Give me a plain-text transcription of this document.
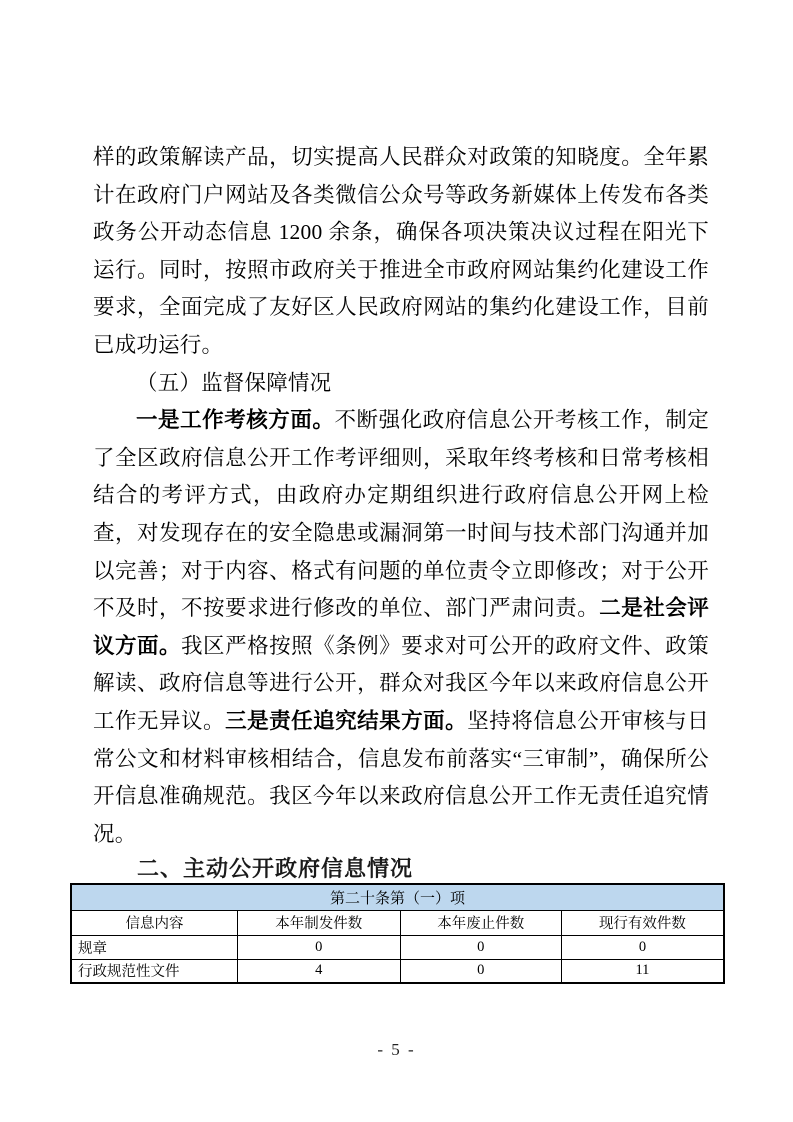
样的政策解读产品，切实提高人民群众对政策的知晓度。全年累计在政府门户网站及各类微信公众号等政务新媒体上传发布各类政务公开动态信息 1200 余条，确保各项决策决议过程在阳光下运行。同时，按照市政府关于推进全市政府网站集约化建设工作要求，全面完成了友好区人民政府网站的集约化建设工作，目前已成功运行。

（五）监督保障情况

一是工作考核方面。不断强化政府信息公开考核工作，制定了全区政府信息公开工作考评细则，采取年终考核和日常考核相结合的考评方式，由政府办定期组织进行政府信息公开网上检查，对发现存在的安全隐患或漏洞第一时间与技术部门沟通并加以完善；对于内容、格式有问题的单位责令立即修改；对于公开不及时，不按要求进行修改的单位、部门严肃问责。二是社会评议方面。我区严格按照《条例》要求对可公开的政府文件、政策解读、政府信息等进行公开，群众对我区今年以来政府信息公开工作无异议。三是责任追究结果方面。坚持将信息公开审核与日常公文和材料审核相结合，信息发布前落实“三审制”，确保所公开信息准确规范。我区今年以来政府信息公开工作无责任追究情况。

二、主动公开政府信息情况
第二十条第（一）项			
信息内容	本年制发件数	本年废止件数	现行有效件数
规章	0	0	0
行政规范性文件	4	0	11
- 5 -
